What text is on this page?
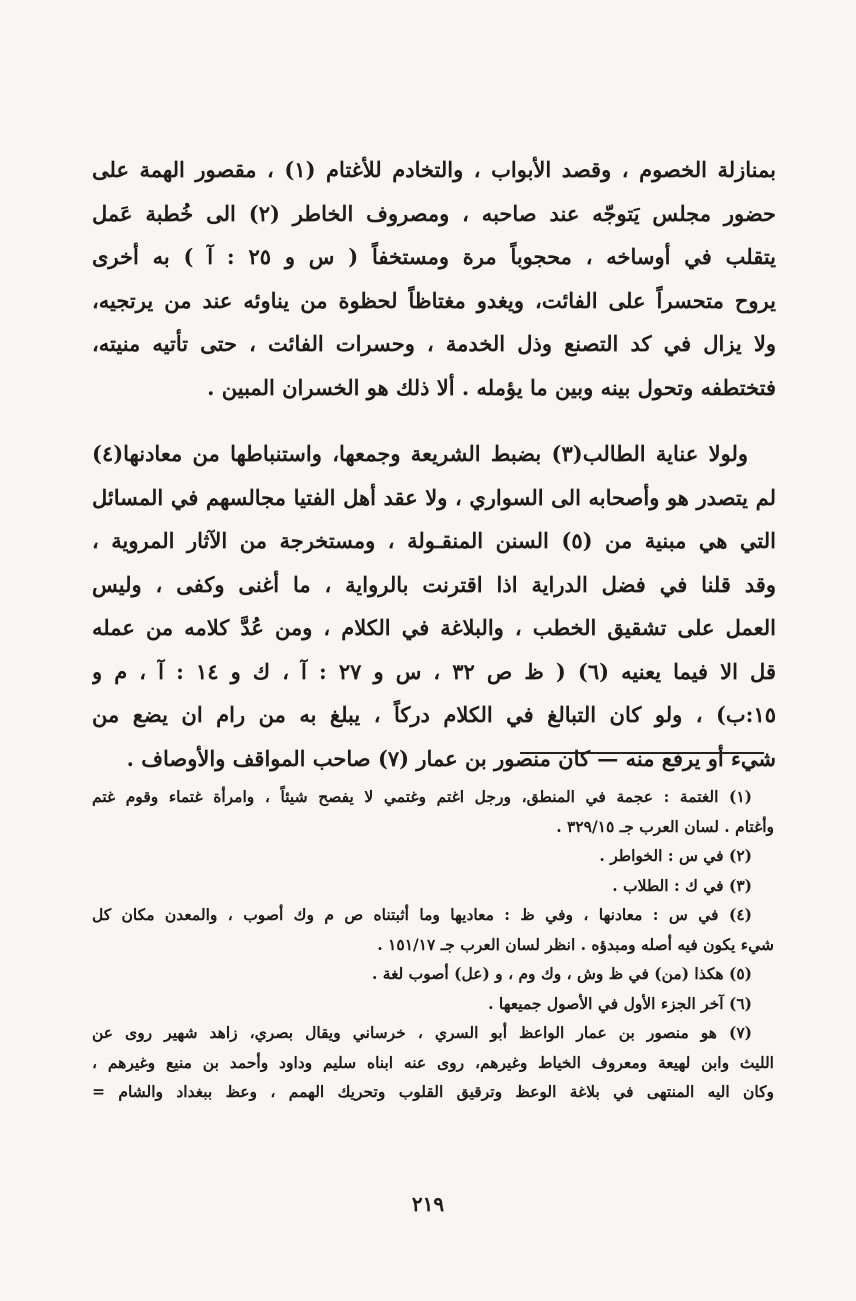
بمنازلة الخصوم ، وقصد الأبواب ، والتخادم للأغتام (١) ، مقصور الهمة على
حضور مجلس يَتوجّه عند صاحبه ، ومصروف الخاطر (٢) الى خُطبة عَمل
يتقلب في أوساخه ، محجوباً مرة ومستخفاً ( س و ٢٥ : آ ) به أخرى
يروح متحسراً على الفائت، ويغدو مغتاظاً لحظوة من يناوئه عند من يرتجيه،
ولا يزال في كد التصنع وذل الخدمة ، وحسرات الفائت ، حتى تأتيه منيته،
فتختطفه وتحول بينه وبين ما يؤمله . ألا ذلك هو الخسران المبين .
ولولا عناية الطالب(٣) بضبط الشريعة وجمعها، واستنباطها من معادنها(٤)
لم يتصدر هو وأصحابه الى السواري ، ولا عقد أهل الفتيا مجالسهم في المسائل
التي هي مبنية من (٥) السنن المنقـولة ، ومستخرجة من الآثار المروية ،
وقد قلنا في فضل الدراية اذا اقترنت بالرواية ، ما أغنى وكفى ، وليس
العمل على تشقيق الخطب ، والبلاغة في الكلام ، ومن عُدَّ كلامه من عمله
قل الا فيما يعنيه (٦) ( ظ ص ٣٢ ، س و ٢٧ : آ ، ك و ١٤ : آ ، م و
١٥:ب) ، ولو كان التبالغ في الكلام دركاً ، يبلغ به من رام ان يضع من
شيء أو يرفع منه — كان منصور بن عمار (٧) صاحب المواقف والأوصاف .
(١) الغتمة : عجمة في المنطق، ورجل اغتم وغتمي لا يفصح شيئاً ، وامرأة غتماء وقوم غتم
وأغتام . لسان العرب جـ ٣٢٩/١٥ .
(٢) في س : الخواطر .
(٣) في ك : الطلاب .
(٤) في س : معادنها ، وفي ظ : معاديها وما أثبتناه ص م وك أصوب ، والمعدن مكان كل
شيء يكون فيه أصله ومبدؤه . انظر لسان العرب جـ ١٥١/١٧ .
(٥) هكذا (من) في ظ وش ، وك وم ، و (عل) أصوب لغة .
(٦) آخر الجزء الأول في الأصول جميعها .
(٧) هو منصور بن عمار الواعظ أبو السري ، خرساني ويقال بصري، زاهد شهير روى عن
الليث وابن لهيعة ومعروف الخياط وغيرهم، روى عنه ابناه سليم وداود وأحمد بن منيع وغيرهم ،
وكان اليه المنتهى في بلاغة الوعظ وترقيق القلوب وتحريك الهمم ، وعظ ببغداد والشام =
٢١٩
